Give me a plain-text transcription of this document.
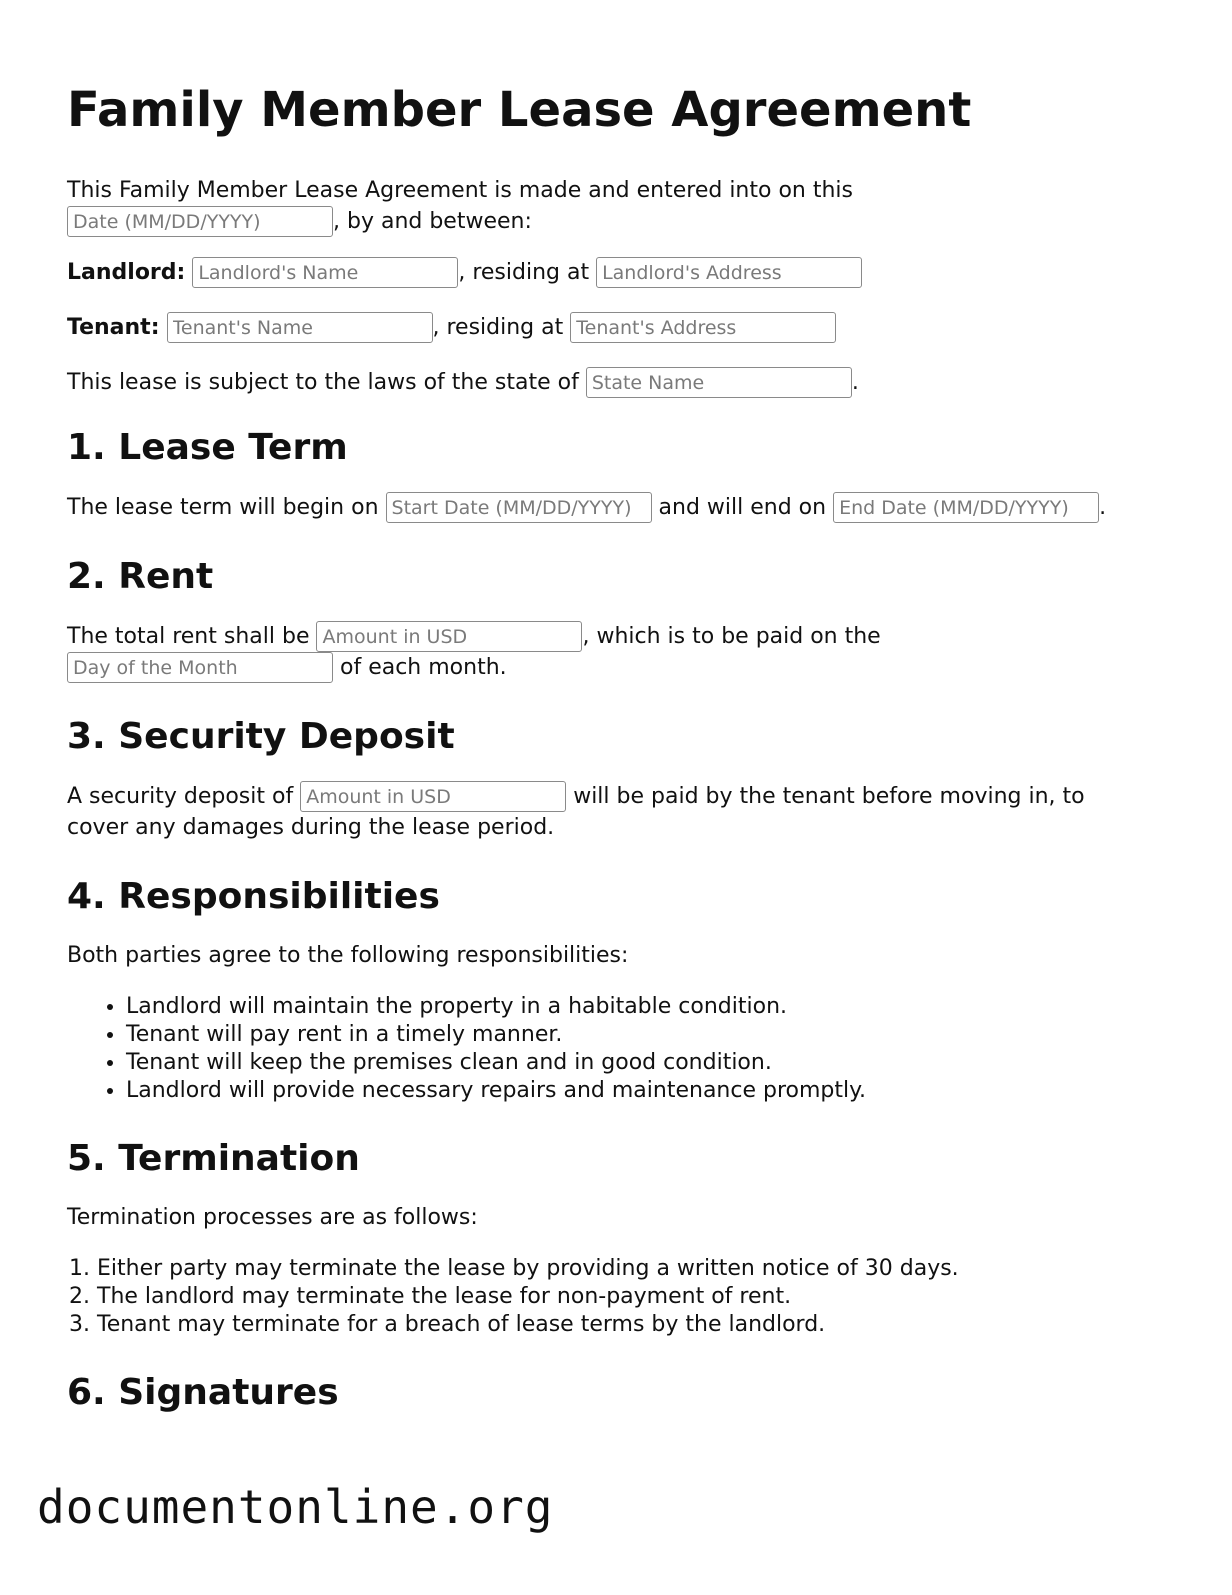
Family Member Lease Agreement

This Family Member Lease Agreement is made and entered into on this
Date (MM/DD/YYYY)
, by and between:

Landlord:

Landlord's Name	, residing at

Landlord's Address
Tenant:

Tenant's Name	, residing at

Tenant's Address
This lease is subject to the laws of the state of

State Name	.
1. Lease Term
The lease term will begin on

Start Date (MM/DD/YYYY)
	and will end on

End Date (MM/DD/YYYY)	.
2. Rent
The total rent shall be

Amount in USD	, which is to be paid on the
Day of the Month

of each month.
3. Security Deposit
A security deposit of

Amount in USD
	will be paid by the tenant before moving in, to
cover any damages during the lease period.
4. Responsibilities

Both parties agree to the following responsibilities:

• Landlord will maintain the property in a habitable condition.
• Tenant will pay rent in a timely manner.
• Tenant will keep the premises clean and in good condition.
• Landlord will provide necessary repairs and maintenance promptly.
5. Termination

Termination processes are as follows:

1. Either party may terminate the lease by providing a written notice of 30 days.
2. The landlord may terminate the lease for non-payment of rent.
3. Tenant may terminate for a breach of lease terms by the landlord.
6. Signatures
documentonline.org
